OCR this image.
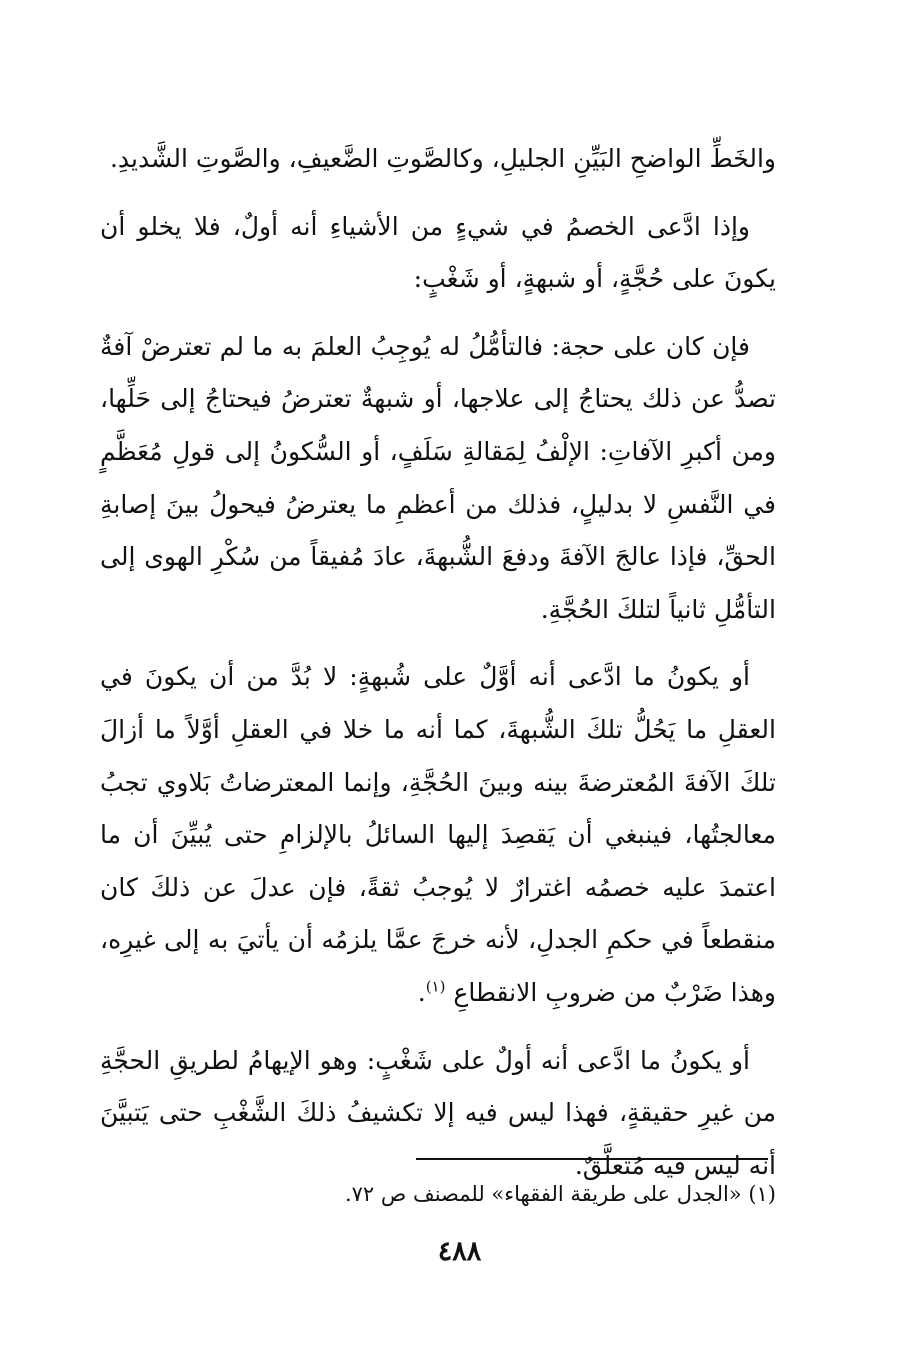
والخَطِّ الواضحِ البَيِّنِ الجليلِ، وكالصَّوتِ الضَّعيفِ، والصَّوتِ الشَّديدِ.

وإذا ادَّعى الخصمُ في شيءٍ من الأشياءِ أنه أولٌ، فلا يخلو أن يكونَ على حُجَّةٍ، أو شبهةٍ، أو شَغْبٍ:

فإن كان على حجة: فالتأمُّلُ له يُوجِبُ العلمَ به ما لم تعترضْ آفةٌ تصدُّ عن ذلك يحتاجُ إلى علاجها، أو شبهةٌ تعترضُ فيحتاجُ إلى حَلِّها، ومن أكبرِ الآفاتِ: الإلْفُ لِمَقالةِ سَلَفٍ، أو السُّكونُ إلى قولِ مُعَظَّمٍ في النَّفسِ لا بدليلٍ، فذلك من أعظمِ ما يعترضُ فيحولُ بينَ إصابةِ الحقِّ، فإذا عالجَ الآفةَ ودفعَ الشُّبهةَ، عادَ مُفيقاً من سُكْرِ الهوى إلى التأمُّلِ ثانياً لتلكَ الحُجَّةِ.

أو يكونُ ما ادَّعى أنه أوَّلٌ على شُبهةٍ: لا بُدَّ من أن يكونَ في العقلِ ما يَحُلُّ تلكَ الشُّبهةَ، كما أنه ما خلا في العقلِ أوَّلاً ما أزالَ تلكَ الآفةَ المُعترضةَ بينه وبينَ الحُجَّةِ، وإنما المعترضاتُ بَلاوي تجبُ معالجتُها، فينبغي أن يَقصِدَ إليها السائلُ بالإلزامِ حتى يُبيِّنَ أن ما اعتمدَ عليه خصمُه اغترارٌ لا يُوجبُ ثقةً، فإن عدلَ عن ذلكَ كان منقطعاً في حكمِ الجدلِ، لأنه خرجَ عمَّا يلزمُه أن يأتيَ به إلى غيرِه، وهذا ضَرْبٌ من ضروبِ الانقطاعِ $^{(١)}$.

أو يكونُ ما ادَّعى أنه أولٌ على شَغْبٍ: وهو الإيهامُ لطريقِ الحجَّةِ من غيرِ حقيقةٍ، فهذا ليس فيه إلا تكشيفُ ذلكَ الشَّغْبِ حتى يَتبيَّنَ أنه ليس فيه مُتعلَّقٌ.

(١) «الجدل على طريقة الفقهاء» للمصنف ص ٧٢.
٤٨٨
